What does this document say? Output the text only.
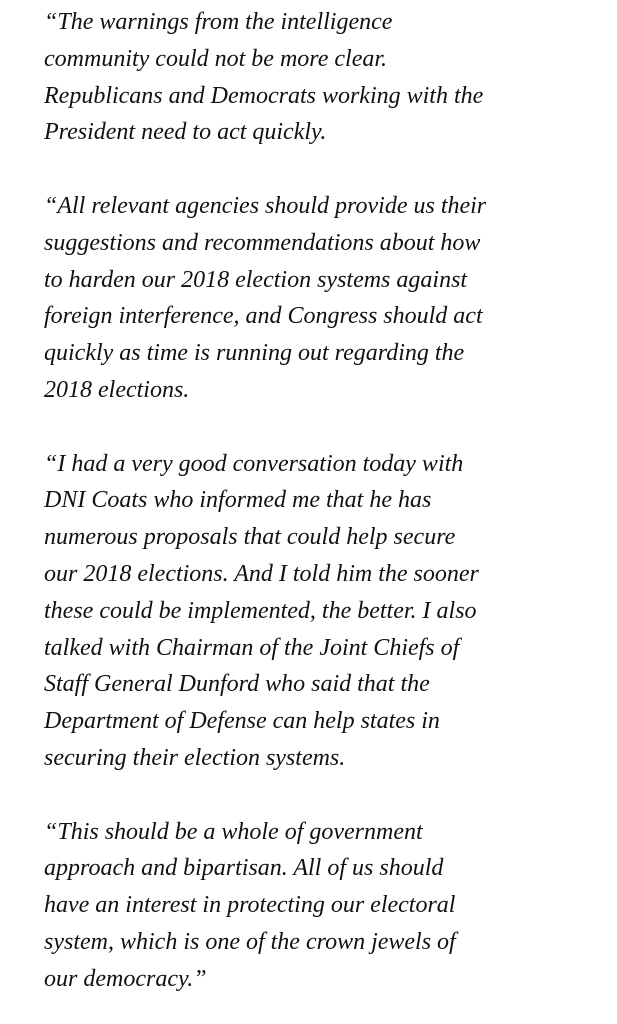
“The warnings from the intelligence
community could not be more clear.
Republicans and Democrats working with the
President need to act quickly.

“All relevant agencies should provide us their
suggestions and recommendations about how
to harden our 2018 election systems against
foreign interference, and Congress should act
quickly as time is running out regarding the
2018 elections.

“I had a very good conversation today with
DNI Coats who informed me that he has
numerous proposals that could help secure
our 2018 elections. And I told him the sooner
these could be implemented, the better. I also
talked with Chairman of the Joint Chiefs of
Staff General Dunford who said that the
Department of Defense can help states in
securing their election systems.

“This should be a whole of government
approach and bipartisan. All of us should
have an interest in protecting our electoral
system, which is one of the crown jewels of
our democracy.”
